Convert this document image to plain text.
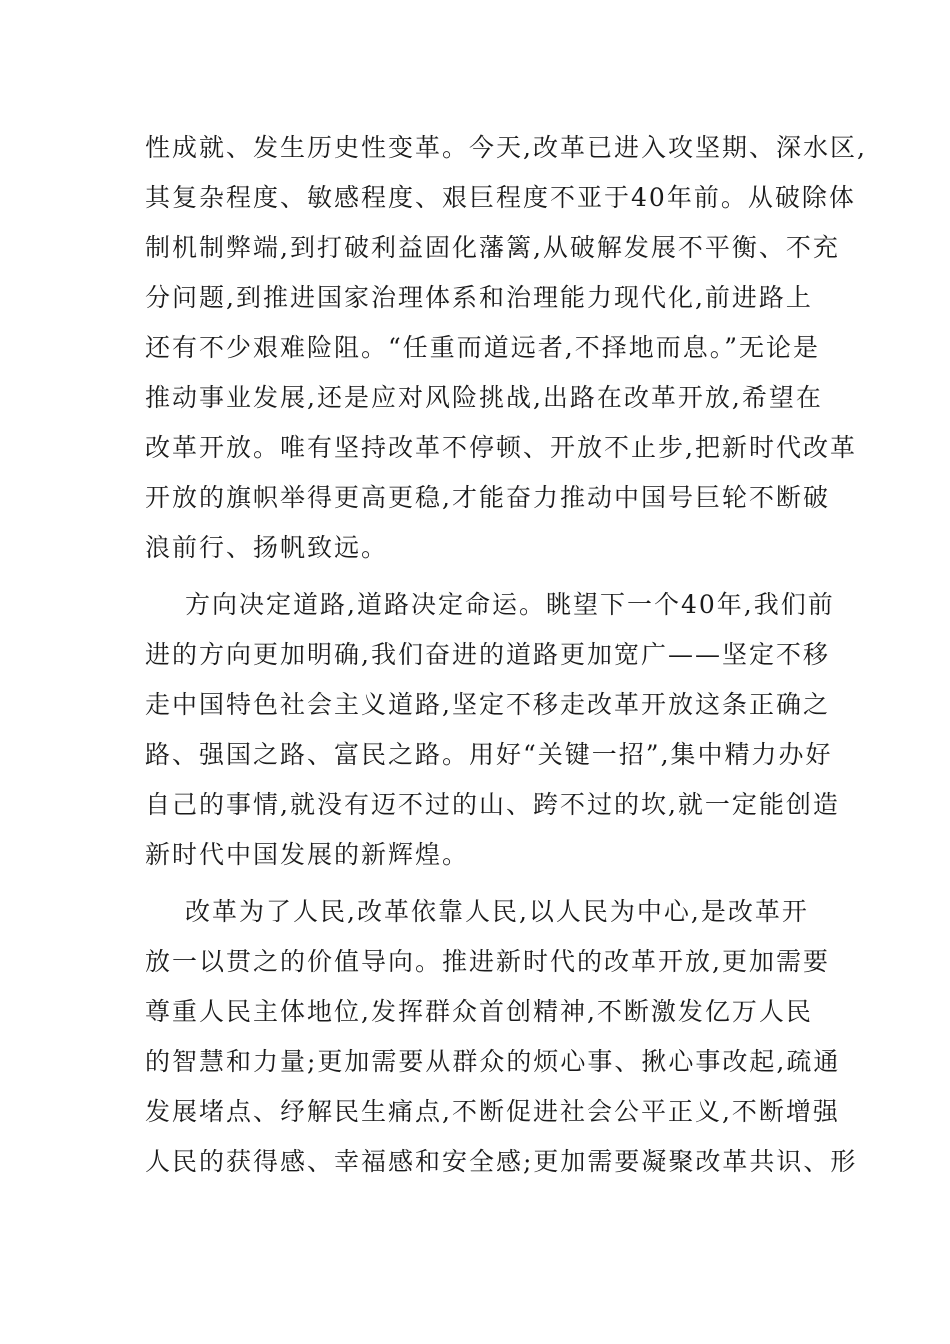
性成就、发生历史性变革。今天,改革已进入攻坚期、深水区,
其复杂程度、敏感程度、艰巨程度不亚于40年前。从破除体
制机制弊端,到打破利益固化藩篱,从破解发展不平衡、不充
分问题,到推进国家治理体系和治理能力现代化,前进路上
还有不少艰难险阻。“任重而道远者,不择地而息。”无论是
推动事业发展,还是应对风险挑战,出路在改革开放,希望在
改革开放。唯有坚持改革不停顿、开放不止步,把新时代改革
开放的旗帜举得更高更稳,才能奋力推动中国号巨轮不断破
浪前行、扬帆致远。
方向决定道路,道路决定命运。眺望下一个40年,我们前
进的方向更加明确,我们奋进的道路更加宽广——坚定不移
走中国特色社会主义道路,坚定不移走改革开放这条正确之
路、强国之路、富民之路。用好“关键一招”,集中精力办好
自己的事情,就没有迈不过的山、跨不过的坎,就一定能创造
新时代中国发展的新辉煌。
改革为了人民,改革依靠人民,以人民为中心,是改革开
放一以贯之的价值导向。推进新时代的改革开放,更加需要
尊重人民主体地位,发挥群众首创精神,不断激发亿万人民
的智慧和力量;更加需要从群众的烦心事、揪心事改起,疏通
发展堵点、纾解民生痛点,不断促进社会公平正义,不断增强
人民的获得感、幸福感和安全感;更加需要凝聚改革共识、形
